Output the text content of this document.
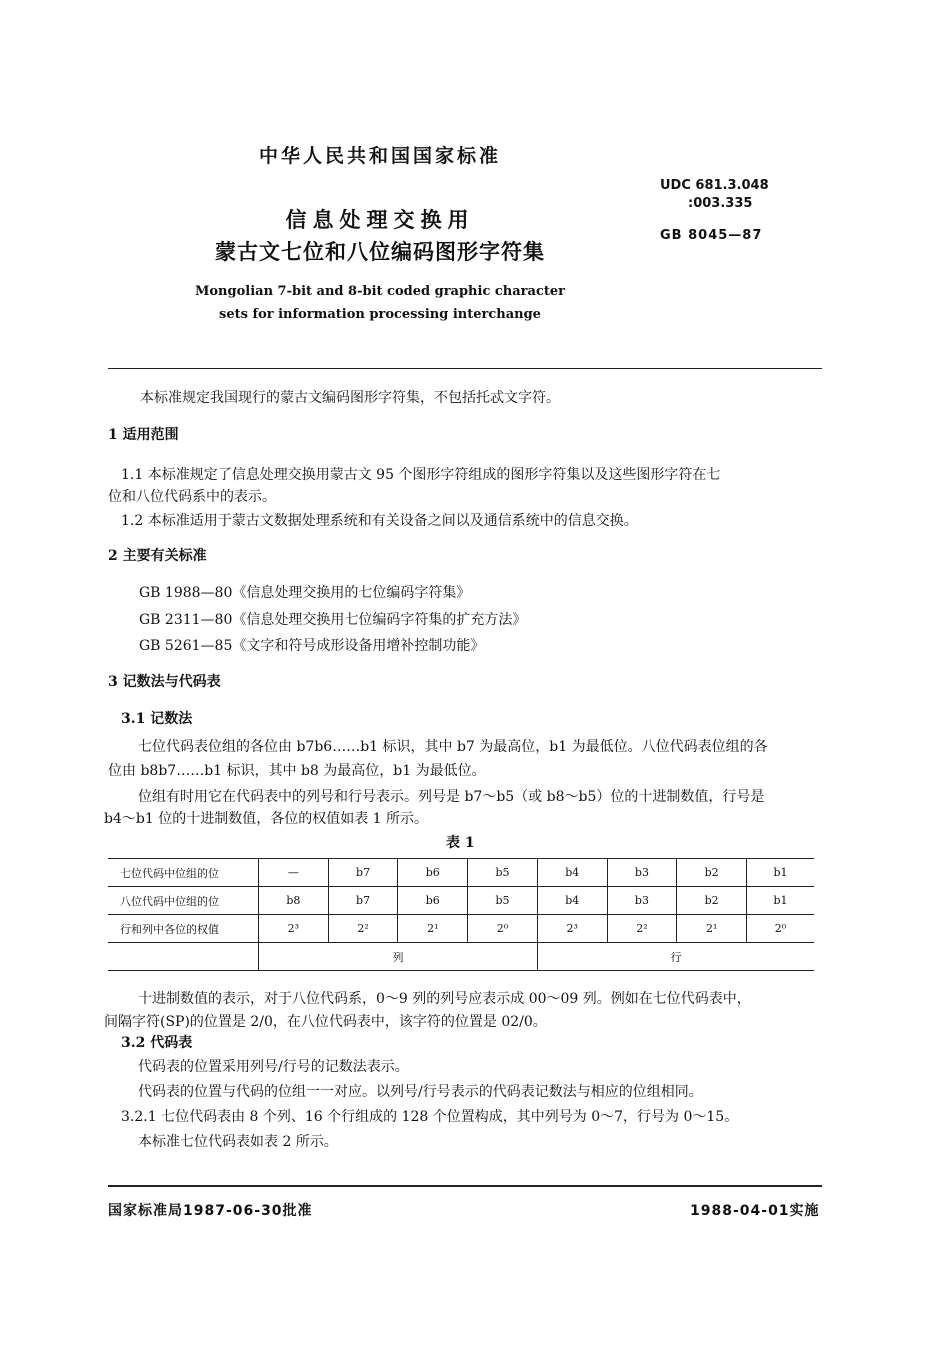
中华人民共和国国家标准
信息处理交换用
蒙古文七位和八位编码图形字符集
Mongolian 7-bit and 8-bit coded graphic character
sets for information processing interchange
UDC 681.3.048
:003.335
GB 8045—87
本标准规定我国现行的蒙古文编码图形字符集，不包括托忒文字符。
1 适用范围
1.1 本标准规定了信息处理交换用蒙古文 95 个图形字符组成的图形字符集以及这些图形字符在七
位和八位代码系中的表示。
1.2 本标准适用于蒙古文数据处理系统和有关设备之间以及通信系统中的信息交换。
2 主要有关标准
GB 1988—80《信息处理交换用的七位编码字符集》
GB 2311—80《信息处理交换用七位编码字符集的扩充方法》
GB 5261—85《文字和符号成形设备用增补控制功能》
3 记数法与代码表
3.1 记数法
七位代码表位组的各位由 b7b6……b1 标识，其中 b7 为最高位，b1 为最低位。八位代码表位组的各
位由 b8b7……b1 标识，其中 b8 为最高位，b1 为最低位。
位组有时用它在代码表中的列号和行号表示。列号是 b7～b5（或 b8～b5）位的十进制数值，行号是
b4～b1 位的十进制数值，各位的权值如表 1 所示。
表 1
七位代码中位组的位	—	b7	b6	b5	b4	b3	b2	b1
八位代码中位组的位	b8	b7	b6	b5	b4	b3	b2	b1
行和列中各位的权值	2³	2²	2¹	2⁰	2³	2²	2¹	2⁰
	列				行			
十进制数值的表示，对于八位代码系，0～9 列的列号应表示成 00～09 列。例如在七位代码表中，
间隔字符(SP)的位置是 2/0，在八位代码表中，该字符的位置是 02/0。
3.2 代码表
代码表的位置采用列号/行号的记数法表示。
代码表的位置与代码的位组一一对应。以列号/行号表示的代码表记数法与相应的位组相同。
3.2.1 七位代码表由 8 个列、16 个行组成的 128 个位置构成，其中列号为 0～7，行号为 0～15。
本标准七位代码表如表 2 所示。
国家标准局1987-06-30批准	1988-04-01实施
